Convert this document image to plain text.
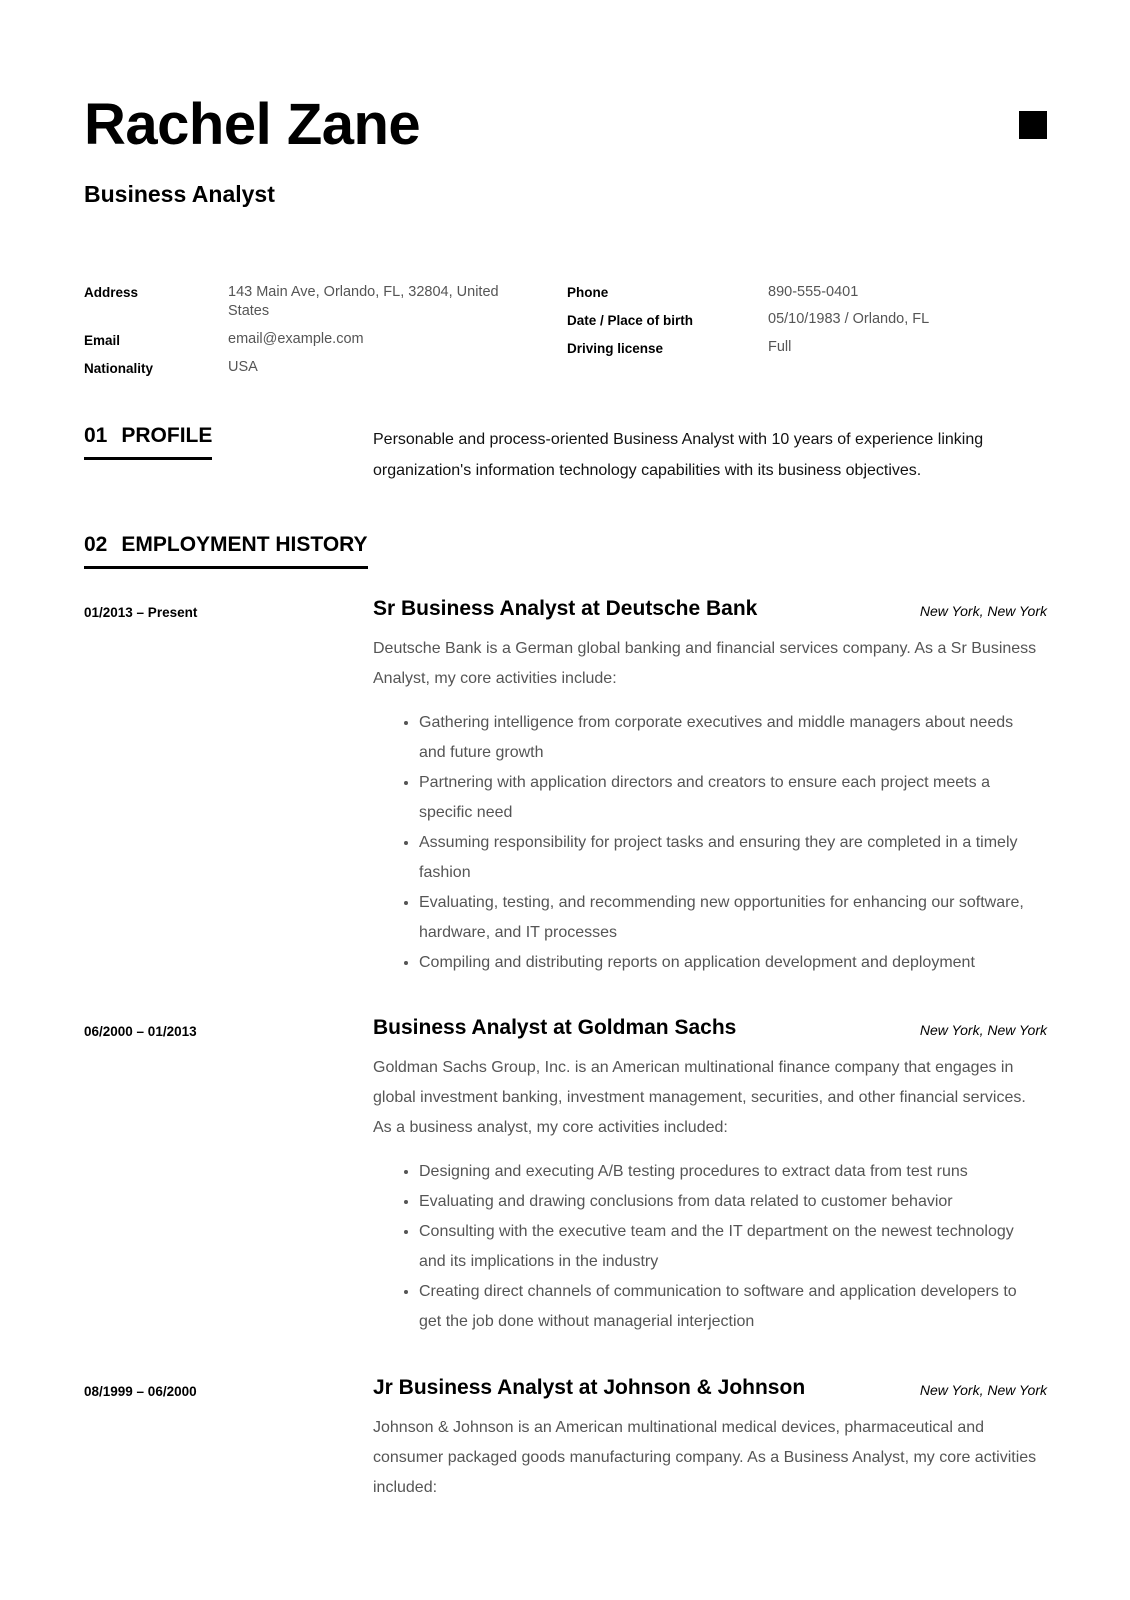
Rachel Zane
Business Analyst
Address	143 Main Ave, Orlando, FL, 32804, United States
Email	email@example.com
Nationality	USA
Phone	890-555-0401
Date / Place of birth	05/10/1983 / Orlando, FL
Driving license	Full
01 PROFILE	Personable and process-oriented Business Analyst with 10 years of experience linking organization's information technology capabilities with its business objectives.
02 EMPLOYMENT HISTORY
01/2013 – Present	Sr Business Analyst at Deutsche Bank	New York, New York

Deutsche Bank is a German global banking and financial services company. As a Sr Business Analyst, my core activities include:

• Gathering intelligence from corporate executives and middle managers about needs and future growth
• Partnering with application directors and creators to ensure each project meets a specific need
• Assuming responsibility for project tasks and ensuring they are completed in a timely fashion
• Evaluating, testing, and recommending new opportunities for enhancing our software, hardware, and IT processes
• Compiling and distributing reports on application development and deployment
06/2000 – 01/2013	Business Analyst at Goldman Sachs	New York, New York

Goldman Sachs Group, Inc. is an American multinational finance company that engages in global investment banking, investment management, securities, and other financial services. As a business analyst, my core activities included:

• Designing and executing A/B testing procedures to extract data from test runs
• Evaluating and drawing conclusions from data related to customer behavior
• Consulting with the executive team and the IT department on the newest technology and its implications in the industry
• Creating direct channels of communication to software and application developers to get the job done without managerial interjection
08/1999 – 06/2000	Jr Business Analyst at Johnson & Johnson	New York, New York

Johnson & Johnson is an American multinational medical devices, pharmaceutical and consumer packaged goods manufacturing company. As a Business Analyst, my core activities included:
